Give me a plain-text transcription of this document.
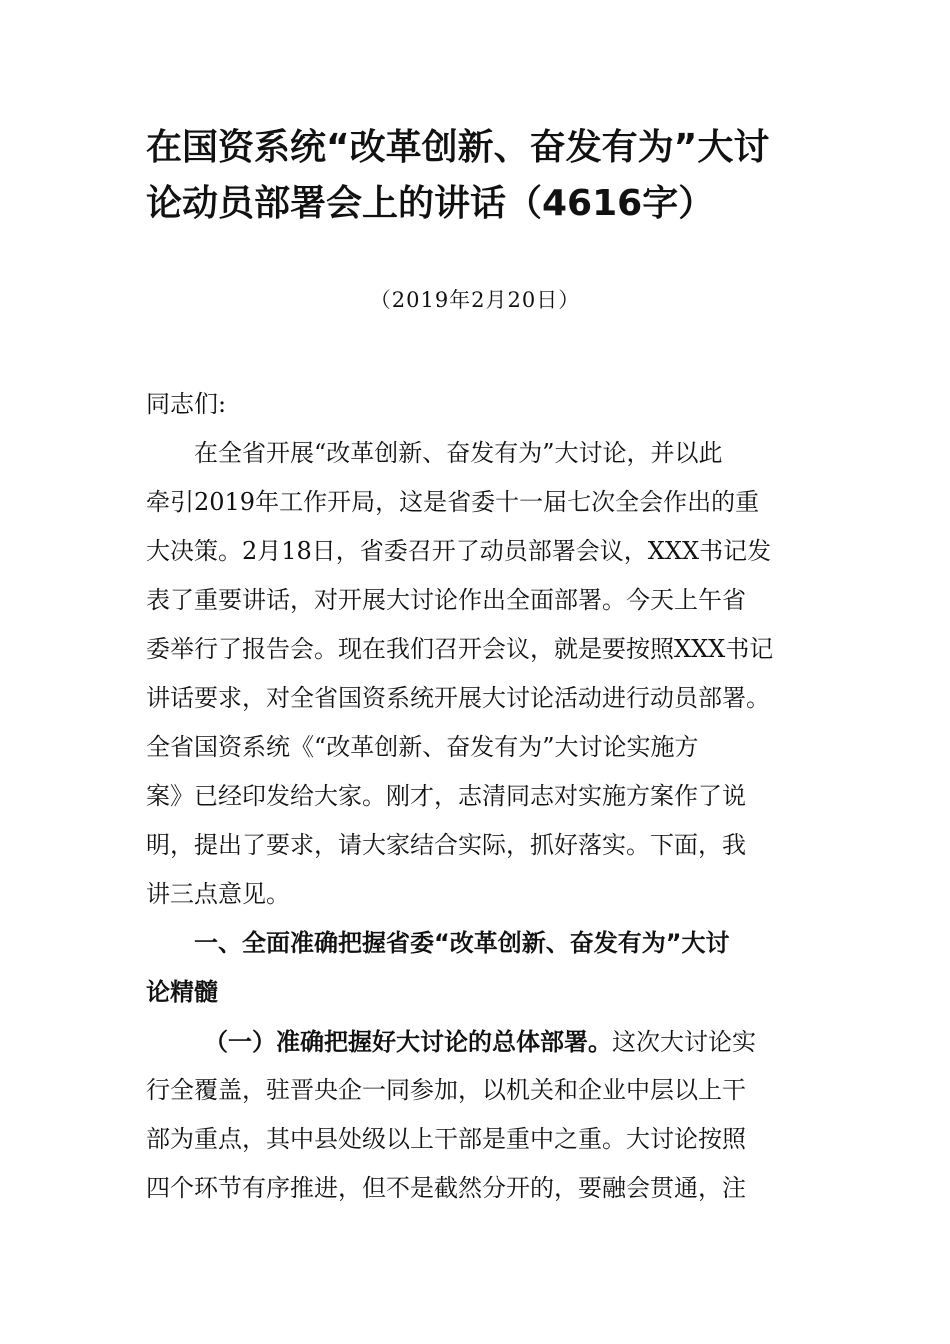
在国资系统“改革创新、奋发有为”大讨
论动员部署会上的讲话（4616字）
（2019年2月20日）
同志们:
在全省开展“改革创新、奋发有为”大讨论，并以此
牵引2019年工作开局，这是省委十一届七次全会作出的重
大决策。2月18日，省委召开了动员部署会议，XXX书记发
表了重要讲话，对开展大讨论作出全面部署。今天上午省
委举行了报告会。现在我们召开会议，就是要按照XXX书记
讲话要求，对全省国资系统开展大讨论活动进行动员部署。
全省国资系统《“改革创新、奋发有为”大讨论实施方
案》已经印发给大家。刚才，志清同志对实施方案作了说
明，提出了要求，请大家结合实际，抓好落实。下面，我
讲三点意见。
一、全面准确把握省委“改革创新、奋发有为”大讨
论精髓
（一）准确把握好大讨论的总体部署。这次大讨论实
行全覆盖，驻晋央企一同参加，以机关和企业中层以上干
部为重点，其中县处级以上干部是重中之重。大讨论按照
四个环节有序推进，但不是截然分开的，要融会贯通，注
